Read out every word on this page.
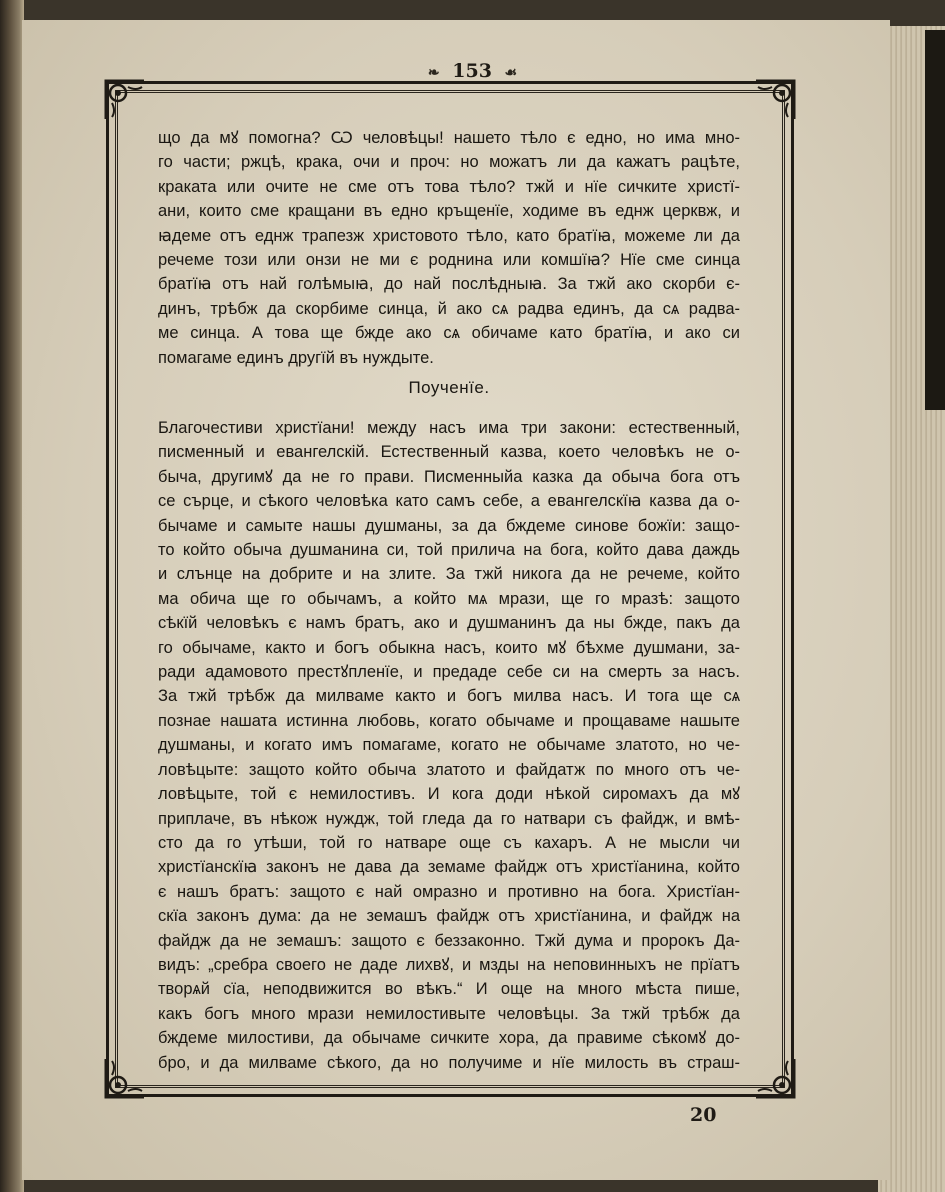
❧ 153 ☙
що да мꙋ помогна? Ѡ человѣцы! нашето тѣло є едно, но има мно-
го части; ржцѣ, крака, очи и проч: но можатъ ли да кажатъ рацѣте,
краката или очите не сме отъ това тѣло? тжй и нїе сичките христї-
ани, които сме кращани въ едно кръщенїе, ходиме въ еднж церквж, и
ꙗдеме отъ еднж трапезж христовото тѣло, като братїꙗ, можеме ли да
речеме този или онзи не ми є роднина или комшїꙗ? Нїе сме синца
братїꙗ отъ най голѣмыꙗ, до най послѣдныꙗ. За тжй ако скорби є-
динъ, трѣбж да скорбиме синца, й ако сѧ радва единъ, да сѧ радва-
ме синца. А това ще бжде ако сѧ обичаме като братїꙗ, и ако си
помагаме единъ другїй въ нуждыте.
Поученїе.
Благочестиви христїани! между насъ има три закони: естественный,
писменный и евангелскій. Естественный казва, което человѣкъ не о-
быча, другимꙋ да не го прави. Писменныйа казка да обыча бога отъ
се сърце, и сѣкого человѣка като самъ себе, а евангелскїꙗ казва да о-
бычаме и самыте нашы душманы, за да бждеме синове божїи: защо-
то който обыча душманина си, той прилича на бога, който дава даждь
и слънце на добрите и на злите. За тжй никога да не речеме, който
ма обича ще го обычамъ, а който мѧ мрази, ще го мразѣ: защото
сѣкїй человѣкъ є намъ братъ, ако и душманинъ да ны бжде, пакъ да
го обычаме, както и богъ обыкна насъ, които мꙋ бѣхме душмани, за-
ради адамовото престꙋпленїе, и предаде себе си на смерть за насъ.
За тжй трѣбж да милваме както и богъ милва насъ. И тога ще сѧ
познае нашата истинна любовь, когато обычаме и прощаваме нашыте
душманы, и когато имъ помагаме, когато не обычаме златото, но че-
ловѣцыте: защото който обыча златото и файдатж по много отъ че-
ловѣцыте, той є немилостивъ. И кога доди нѣкой сиромахъ да мꙋ
приплаче, въ нѣкож нуждж, той гледа да го натвари съ файдж, и вмѣ-
сто да го утѣши, той го натваре още съ кахаръ. А не мысли чи
христїанскїꙗ законъ не дава да земаме файдж отъ христїанина, който
є нашъ братъ: защото є най омразно и противно на бога. Христїан-
скїа законъ дума: да не земашъ файдж отъ христїанина, и файдж на
файдж да не земашъ: защото є беззаконно. Тжй дума и пророкъ Да-
видъ: „сребра своего не даде лихвꙋ, и мзды на неповинныхъ не прїатъ
творѧй сїа, неподвижится во вѣкъ.“ И още на много мѣста пише,
какъ богъ много мрази немилостивыте человѣцы. За тжй трѣбж да
бждеме милостиви, да обычаме сичките хора, да правиме сѣкомꙋ до-
бро, и да милваме сѣкого, да но получиме и нїе милость въ страш-
20
